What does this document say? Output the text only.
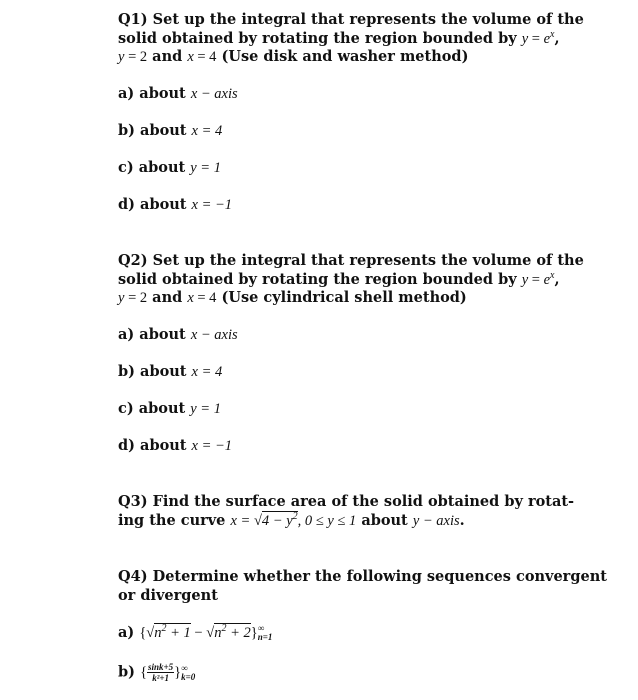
Q1) Set up the integral that represents the volume of the
solid obtained by rotating the region bounded by $y = e^x$,
y = 2 and x = 4 (Use disk and washer method)
a) about x − axis
b) about x = 4
c) about y = 1
d) about x = −1
Q2) Set up the integral that represents the volume of the
solid obtained by rotating the region bounded by $y = e^x$,
y = 2 and x = 4 (Use cylindrical shell method)
a) about x − axis
b) about x = 4
c) about y = 1
d) about x = −1
Q3) Find the surface area of the solid obtained by rotat-
ing the curve $x = √4 - y^2$, 0 ≤ y ≤ 1 about y − axis.
Q4) Determine whether the following sequences convergent
or divergent
a) $\{√n^2 + 1 - √n^2 + 2\}$ ∞
n=1
b) { $\frac{\sin k+5}{\text{k²+1}}$ } ∞
k=0
